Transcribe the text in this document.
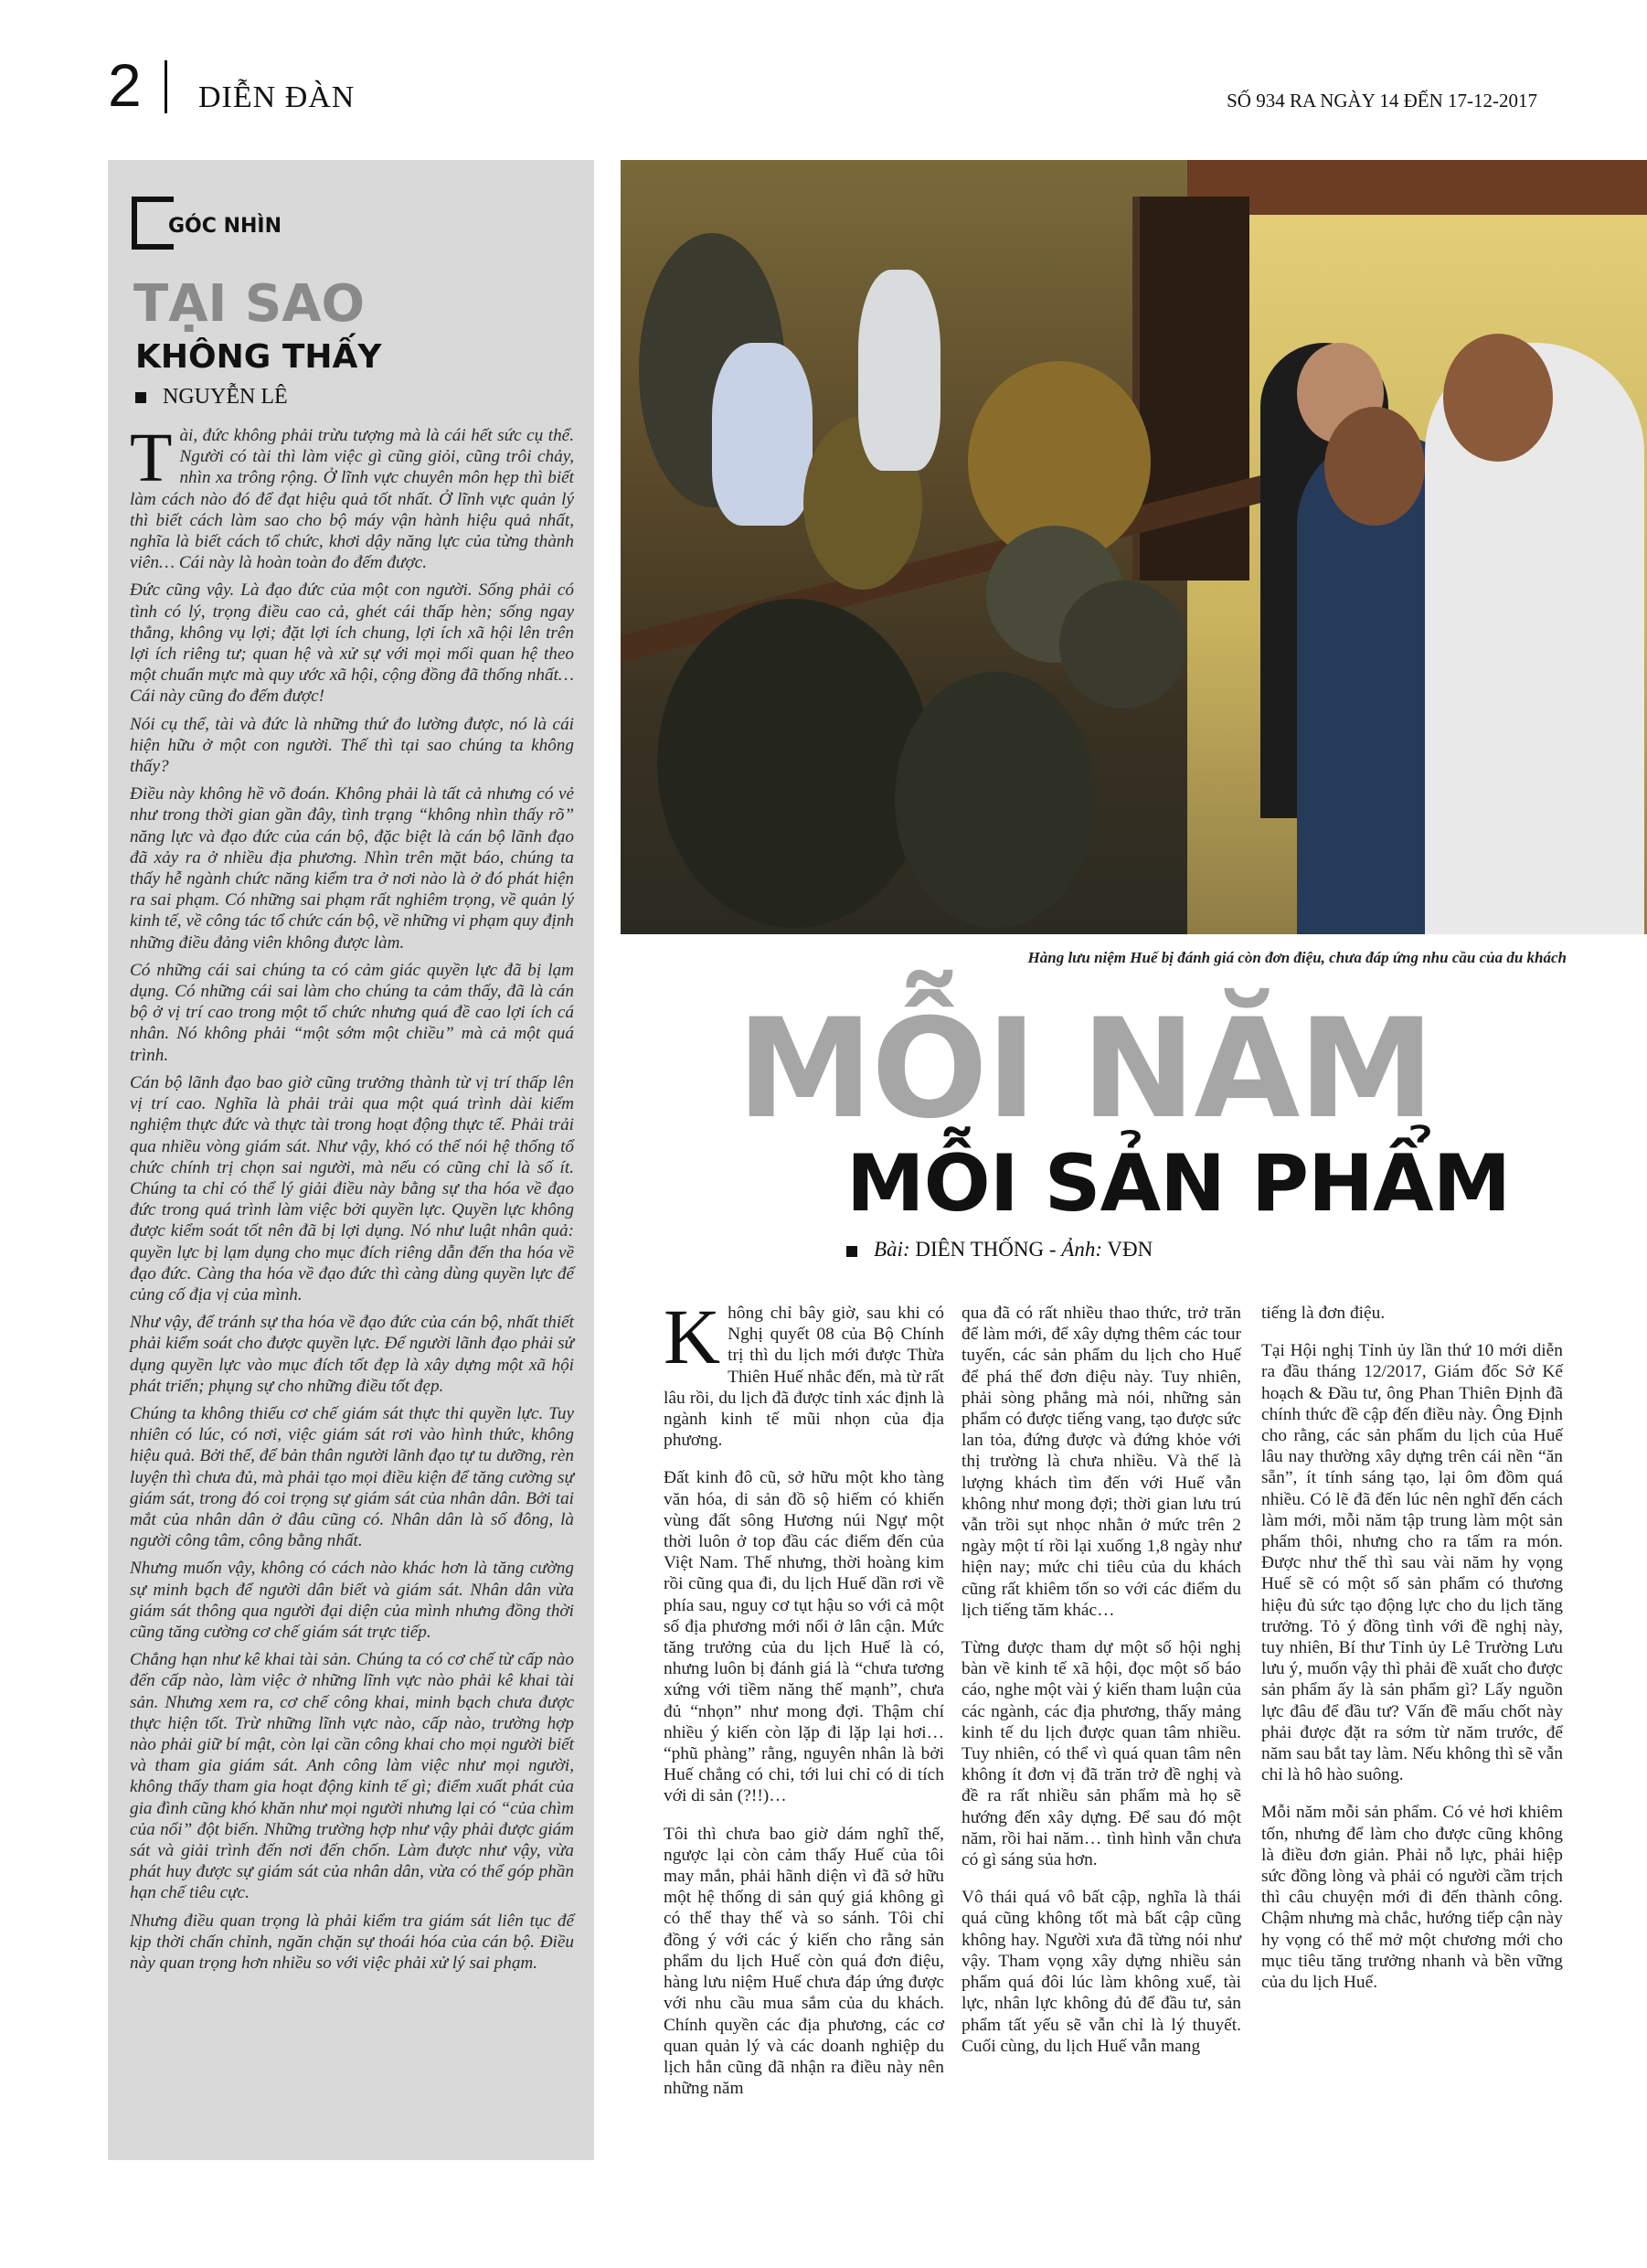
2 DIỄN ĐÀN	SỐ 934 RA NGÀY 14 ĐẾN 17-12-2017
GÓC NHÌN
TẠI SAO
KHÔNG THẤY
NGUYỄN LÊ

Tài, đức không phải trừu tượng mà là cái hết sức cụ thể. Người có tài thì làm việc gì cũng giỏi, cũng trôi chảy, nhìn xa trông rộng. Ở lĩnh vực chuyên môn hẹp thì biết làm cách nào đó để đạt hiệu quả tốt nhất. Ở lĩnh vực quản lý thì biết cách làm sao cho bộ máy vận hành hiệu quả nhất, nghĩa là biết cách tổ chức, khơi dậy năng lực của từng thành viên… Cái này là hoàn toàn đo đếm được.

Đức cũng vậy. Là đạo đức của một con người. Sống phải có tình có lý, trọng điều cao cả, ghét cái thấp hèn; sống ngay thẳng, không vụ lợi; đặt lợi ích chung, lợi ích xã hội lên trên lợi ích riêng tư; quan hệ và xử sự với mọi mối quan hệ theo một chuẩn mực mà quy ước xã hội, cộng đồng đã thống nhất… Cái này cũng đo đếm được!

Nói cụ thể, tài và đức là những thứ đo lường được, nó là cái hiện hữu ở một con người. Thế thì tại sao chúng ta không thấy?

Điều này không hề võ đoán. Không phải là tất cả nhưng có vẻ như trong thời gian gần đây, tình trạng “không nhìn thấy rõ” năng lực và đạo đức của cán bộ, đặc biệt là cán bộ lãnh đạo đã xảy ra ở nhiều địa phương. Nhìn trên mặt báo, chúng ta thấy hễ ngành chức năng kiểm tra ở nơi nào là ở đó phát hiện ra sai phạm. Có những sai phạm rất nghiêm trọng, về quản lý kinh tế, về công tác tổ chức cán bộ, về những vi phạm quy định những điều đảng viên không được làm.

Có những cái sai chúng ta có cảm giác quyền lực đã bị lạm dụng. Có những cái sai làm cho chúng ta cảm thấy, đã là cán bộ ở vị trí cao trong một tổ chức nhưng quá đề cao lợi ích cá nhân. Nó không phải “một sớm một chiều” mà cả một quá trình.

Cán bộ lãnh đạo bao giờ cũng trưởng thành từ vị trí thấp lên vị trí cao. Nghĩa là phải trải qua một quá trình dài kiểm nghiệm thực đức và thực tài trong hoạt động thực tế. Phải trải qua nhiều vòng giám sát. Như vậy, khó có thể nói hệ thống tổ chức chính trị chọn sai người, mà nếu có cũng chỉ là số ít. Chúng ta chỉ có thể lý giải điều này bằng sự tha hóa về đạo đức trong quá trình làm việc bởi quyền lực. Quyền lực không được kiểm soát tốt nên đã bị lợi dụng. Nó như luật nhân quả: quyền lực bị lạm dụng cho mục đích riêng dẫn đến tha hóa về đạo đức. Càng tha hóa về đạo đức thì càng dùng quyền lực để củng cố địa vị của mình.

Như vậy, để tránh sự tha hóa về đạo đức của cán bộ, nhất thiết phải kiểm soát cho được quyền lực. Để người lãnh đạo phải sử dụng quyền lực vào mục đích tốt đẹp là xây dựng một xã hội phát triển; phụng sự cho những điều tốt đẹp.

Chúng ta không thiếu cơ chế giám sát thực thi quyền lực. Tuy nhiên có lúc, có nơi, việc giám sát rơi vào hình thức, không hiệu quả. Bởi thế, để bản thân người lãnh đạo tự tu dưỡng, rèn luyện thì chưa đủ, mà phải tạo mọi điều kiện để tăng cường sự giám sát, trong đó coi trọng sự giám sát của nhân dân. Bởi tai mắt của nhân dân ở đâu cũng có. Nhân dân là số đông, là người công tâm, công bằng nhất.

Nhưng muốn vậy, không có cách nào khác hơn là tăng cường sự minh bạch để người dân biết và giám sát. Nhân dân vừa giám sát thông qua người đại diện của mình nhưng đồng thời cũng tăng cường cơ chế giám sát trực tiếp.

Chẳng hạn như kê khai tài sản. Chúng ta có cơ chế từ cấp nào đến cấp nào, làm việc ở những lĩnh vực nào phải kê khai tài sản. Nhưng xem ra, cơ chế công khai, minh bạch chưa được thực hiện tốt. Trừ những lĩnh vực nào, cấp nào, trường hợp nào phải giữ bí mật, còn lại cần công khai cho mọi người biết và tham gia giám sát. Anh công làm việc như mọi người, không thấy tham gia hoạt động kinh tế gì; điểm xuất phát của gia đình cũng khó khăn như mọi người nhưng lại có “của chìm của nổi” đột biến. Những trường hợp như vậy phải được giám sát và giải trình đến nơi đến chốn. Làm được như vậy, vừa phát huy được sự giám sát của nhân dân, vừa có thể góp phần hạn chế tiêu cực.

Nhưng điều quan trọng là phải kiểm tra giám sát liên tục để kịp thời chấn chỉnh, ngăn chặn sự thoái hóa của cán bộ. Điều này quan trọng hơn nhiều so với việc phải xử lý sai phạm.

Hàng lưu niệm Huế bị đánh giá còn đơn điệu, chưa đáp ứng nhu cầu của du khách
MỖI NĂM
MỖI SẢN PHẨM
Bài: DIÊN THỐNG - Ảnh: VĐN

Không chỉ bây giờ, sau khi có Nghị quyết 08 của Bộ Chính trị thì du lịch mới được Thừa Thiên Huế nhắc đến, mà từ rất lâu rồi, du lịch đã được tỉnh xác định là ngành kinh tế mũi nhọn của địa phương.

Đất kinh đô cũ, sở hữu một kho tàng văn hóa, di sản đồ sộ hiếm có khiến vùng đất sông Hương núi Ngự một thời luôn ở top đầu các điểm đến của Việt Nam. Thế nhưng, thời hoàng kim rồi cũng qua đi, du lịch Huế dần rơi về phía sau, nguy cơ tụt hậu so với cả một số địa phương mới nổi ở lân cận. Mức tăng trưởng của du lịch Huế là có, nhưng luôn bị đánh giá là “chưa tương xứng với tiềm năng thế mạnh”, chưa đủ “nhọn” như mong đợi. Thậm chí nhiều ý kiến còn lặp đi lặp lại hơi… “phũ phàng” rằng, nguyên nhân là bởi Huế chẳng có chi, tới lui chỉ có di tích với di sản (?!!)…

Tôi thì chưa bao giờ dám nghĩ thế, ngược lại còn cảm thấy Huế của tôi may mắn, phải hãnh diện vì đã sở hữu một hệ thống di sản quý giá không gì có thể thay thế và so sánh. Tôi chỉ đồng ý với các ý kiến cho rằng sản phẩm du lịch Huế còn quá đơn điệu, hàng lưu niệm Huế chưa đáp ứng được với nhu cầu mua sắm của du khách. Chính quyền các địa phương, các cơ quan quản lý và các doanh nghiệp du lịch hẳn cũng đã nhận ra điều này nên những năm

qua đã có rất nhiều thao thức, trở trăn để làm mới, để xây dựng thêm các tour tuyến, các sản phẩm du lịch cho Huế để phá thế đơn điệu này. Tuy nhiên, phải sòng phẳng mà nói, những sản phẩm có được tiếng vang, tạo được sức lan tỏa, đứng được và đứng khỏe với thị trường là chưa nhiều. Và thế là lượng khách tìm đến với Huế vẫn không như mong đợi; thời gian lưu trú vẫn trồi sụt nhọc nhằn ở mức trên 2 ngày một tí rồi lại xuống 1,8 ngày như hiện nay; mức chi tiêu của du khách cũng rất khiêm tốn so với các điểm du lịch tiếng tăm khác…

Từng được tham dự một số hội nghị bàn về kinh tế xã hội, đọc một số báo cáo, nghe một vài ý kiến tham luận của các ngành, các địa phương, thấy mảng kinh tế du lịch được quan tâm nhiều. Tuy nhiên, có thể vì quá quan tâm nên không ít đơn vị đã trăn trở đề nghị và đề ra rất nhiều sản phẩm mà họ sẽ hướng đến xây dựng. Để sau đó một năm, rồi hai năm… tình hình vẫn chưa có gì sáng sủa hơn.

Vô thái quá vô bất cập, nghĩa là thái quá cũng không tốt mà bất cập cũng không hay. Người xưa đã từng nói như vậy. Tham vọng xây dựng nhiều sản phẩm quá đôi lúc làm không xuể, tài lực, nhân lực không đủ để đầu tư, sản phẩm tất yếu sẽ vẫn chỉ là lý thuyết. Cuối cùng, du lịch Huế vẫn mang

tiếng là đơn điệu.

Tại Hội nghị Tỉnh ủy lần thứ 10 mới diễn ra đầu tháng 12/2017, Giám đốc Sở Kế hoạch & Đầu tư, ông Phan Thiên Định đã chính thức đề cập đến điều này. Ông Định cho rằng, các sản phẩm du lịch của Huế lâu nay thường xây dựng trên cái nền “ăn sẵn”, ít tính sáng tạo, lại ôm đồm quá nhiều. Có lẽ đã đến lúc nên nghĩ đến cách làm mới, mỗi năm tập trung làm một sản phẩm thôi, nhưng cho ra tấm ra món. Được như thế thì sau vài năm hy vọng Huế sẽ có một số sản phẩm có thương hiệu đủ sức tạo động lực cho du lịch tăng trưởng. Tỏ ý đồng tình với đề nghị này, tuy nhiên, Bí thư Tỉnh ủy Lê Trường Lưu lưu ý, muốn vậy thì phải đề xuất cho được sản phẩm ấy là sản phẩm gì? Lấy nguồn lực đâu để đầu tư? Vấn đề mấu chốt này phải được đặt ra sớm từ năm trước, để năm sau bắt tay làm. Nếu không thì sẽ vẫn chỉ là hô hào suông.

Mỗi năm mỗi sản phẩm. Có vẻ hơi khiêm tốn, nhưng để làm cho được cũng không là điều đơn giản. Phải nỗ lực, phải hiệp sức đồng lòng và phải có người cầm trịch thì câu chuyện mới đi đến thành công. Chậm nhưng mà chắc, hướng tiếp cận này hy vọng có thể mở một chương mới cho mục tiêu tăng trưởng nhanh và bền vững của du lịch Huế.
